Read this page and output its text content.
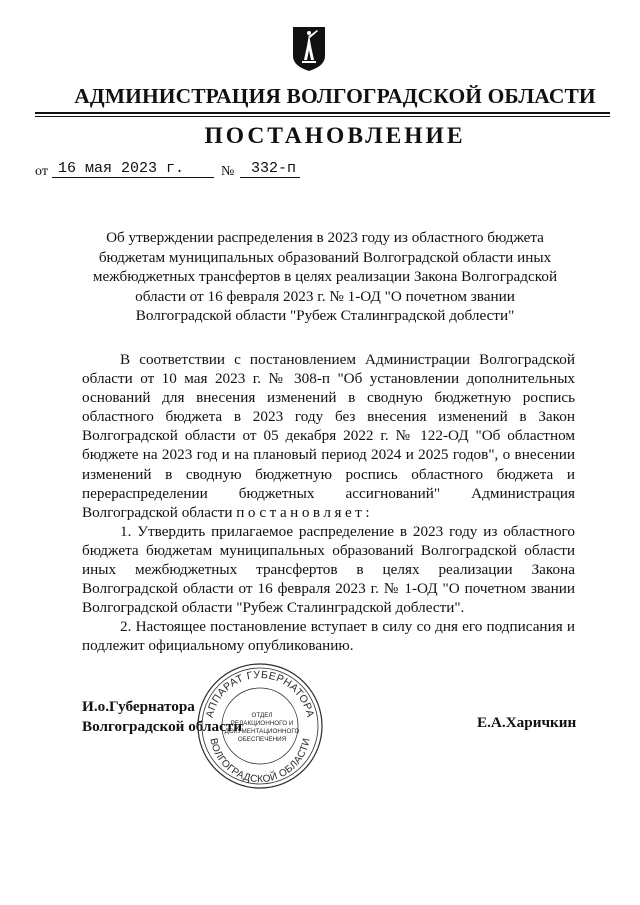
АДМИНИСТРАЦИЯ ВОЛГОГРАДСКОЙ ОБЛАСТИ
ПОСТАНОВЛЕНИЕ
от 16 мая 2023 г.	№ 332-п
Об утверждении распределения в 2023 году из областного бюджета
бюджетам муниципальных образований Волгоградской области иных
межбюджетных трансфертов в целях реализации Закона Волгоградской
области от 16 февраля 2023 г. № 1-ОД "О почетном звании
Волгоградской области "Рубеж Сталинградской доблести"

В соответствии с постановлением Администрации Волгоградской области от 10 мая 2023 г. № 308-п "Об установлении дополнительных оснований для внесения изменений в сводную бюджетную роспись областного бюджета в 2023 году без внесения изменений в Закон Волгоградской области от 05 декабря 2022 г. № 122-ОД "Об областном бюджете на 2023 год и на плановый период 2024 и 2025 годов", о внесении изменений в сводную бюджетную роспись областного бюджета и перераспределении бюджетных ассигнований" Администрация Волгоградской области постановляет:

1. Утвердить прилагаемое распределение в 2023 году из областного бюджета бюджетам муниципальных образований Волгоградской области иных межбюджетных трансфертов в целях реализации Закона Волгоградской области от 16 февраля 2023 г. № 1-ОД "О почетном звании Волгоградской области "Рубеж Сталинградской доблести".

2. Настоящее постановление вступает в силу со дня его подписания и подлежит официальному опубликованию.

И.о.Губернатора
Волгоградской области	Е.А.Харичкин
АППАРАТ ГУБЕРНАТОРА
ВОЛГОГРАДСКОЙ ОБЛАСТИ
ОТДЕЛ
РЕДАКЦИОННОГО И
ДОКУМЕНТАЦИОННОГО
ОБЕСПЕЧЕНИЯ
